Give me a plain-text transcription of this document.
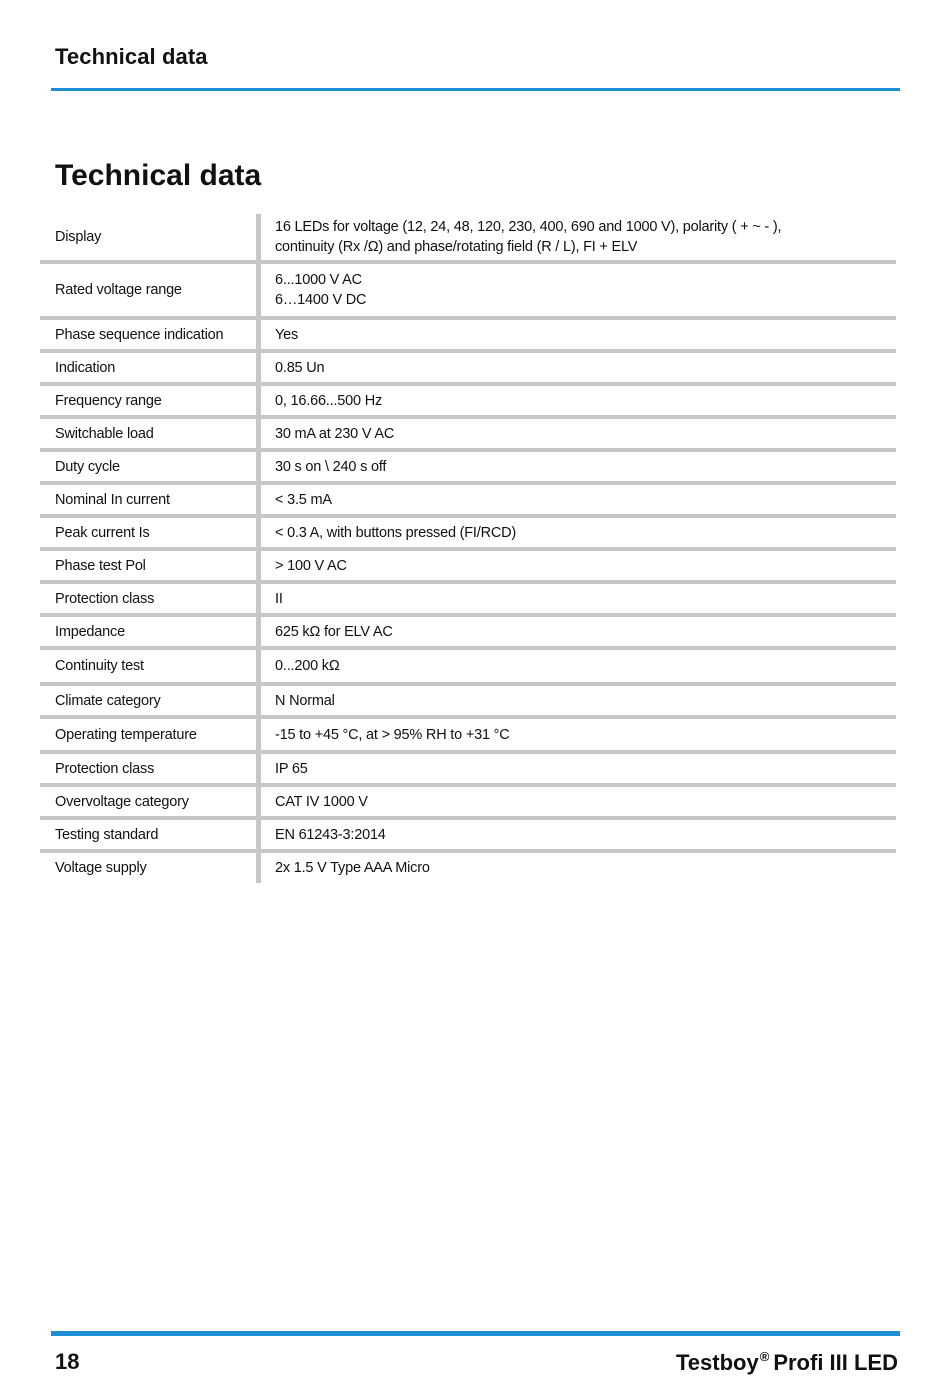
Technical data
Technical data
Display		16 LEDs for voltage (12, 24, 48, 120, 230, 400, 690 and 1000 V), polarity ( + ~ - ),
continuity (Rx /Ω) and phase/rotating field (R / L), FI + ELV

Rated voltage range		6...1000 V AC
6…1400 V DC

Phase sequence indication		Yes

Indication		0.85 Un

Frequency range		0, 16.66...500 Hz

Switchable load		30 mA at 230 V AC

Duty cycle		30 s on \ 240 s off

Nominal In current		< 3.5 mA

Peak current Is		< 0.3 A, with buttons pressed (FI/RCD)

Phase test Pol		> 100 V AC

Protection class		II

Impedance		625 kΩ for ELV AC

Continuity test		0...200 kΩ

Climate category		N Normal

Operating temperature		-15 to +45 °C, at > 95% RH to +31 °C

Protection class		IP 65

Overvoltage category		CAT IV 1000 V

Testing standard		EN 61243-3:2014

Voltage supply		2x 1.5 V Type AAA Micro
18	Testboy® Profi III LED
